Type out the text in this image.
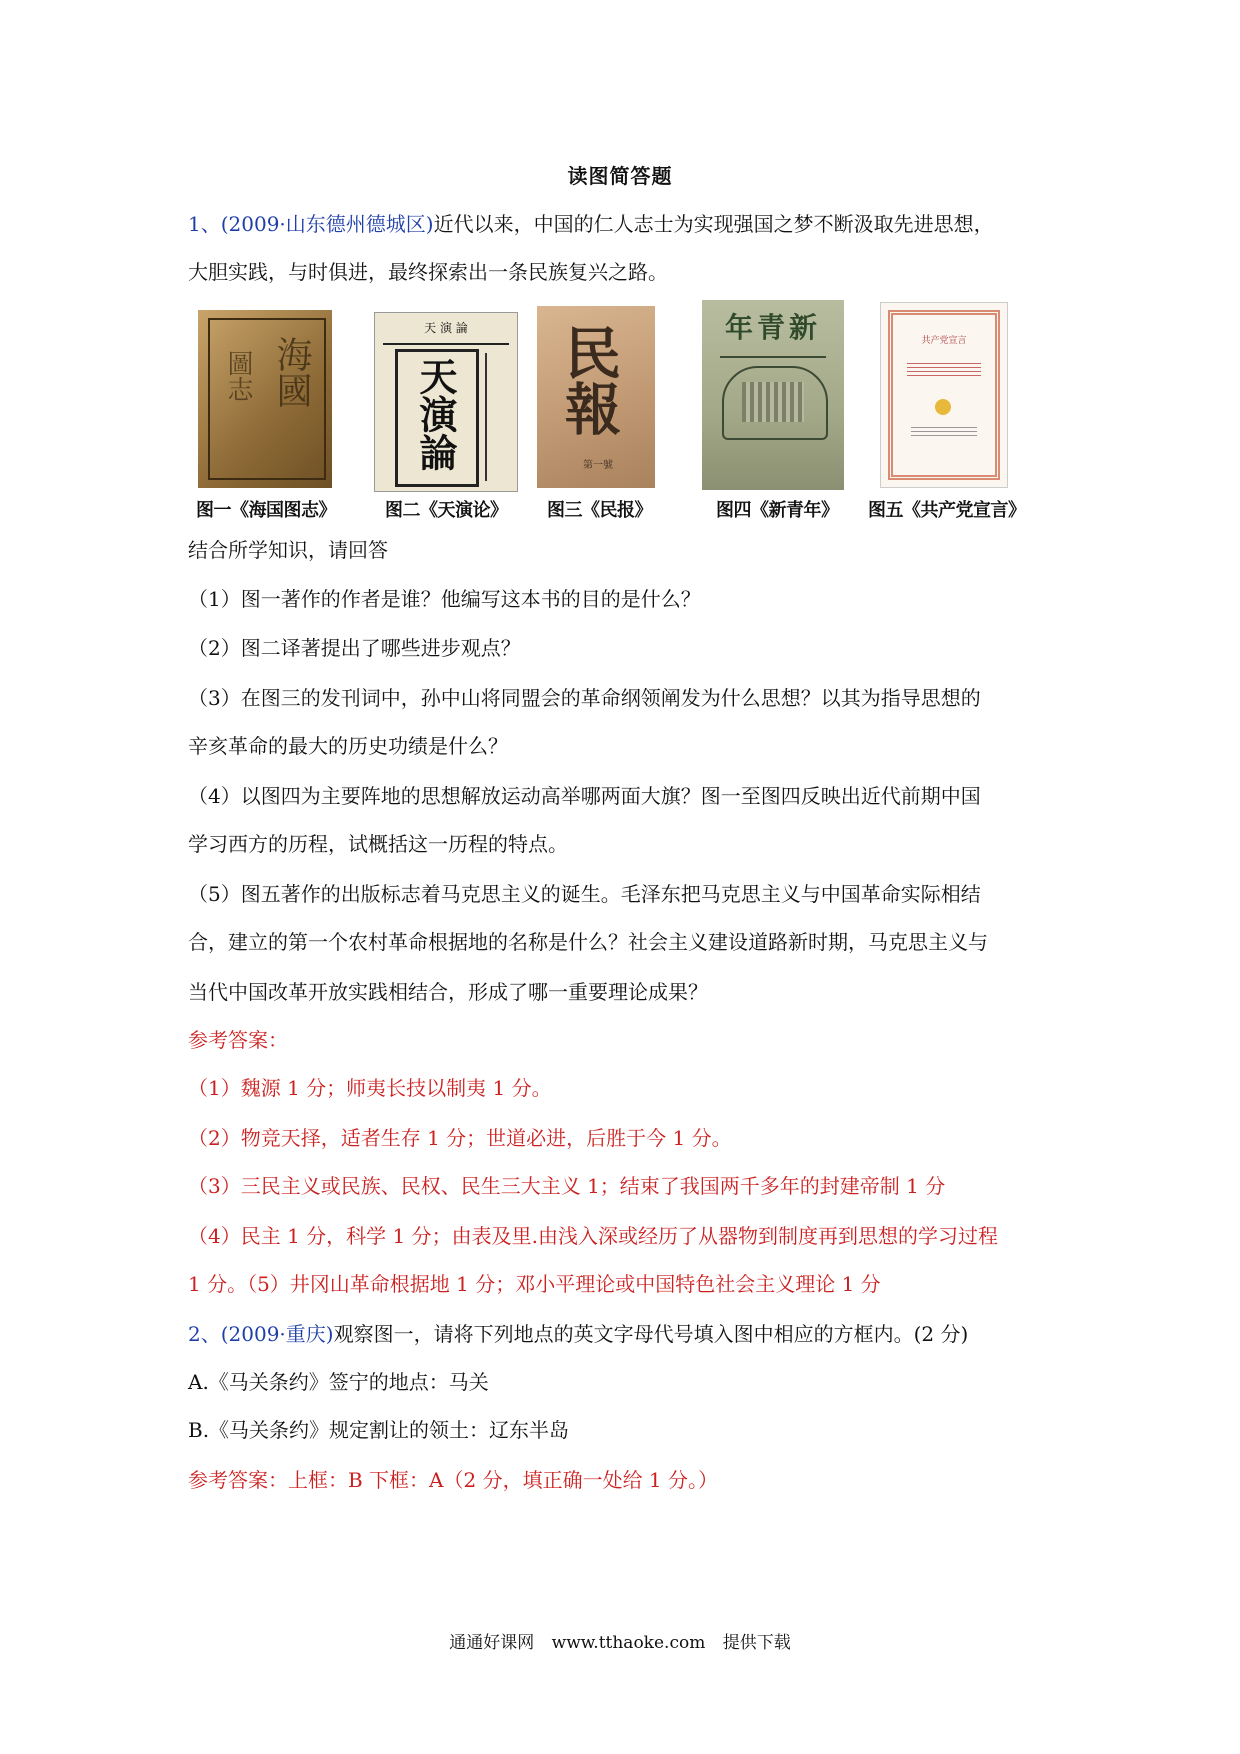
读图简答题
1、(2009·山东德州德城区)近代以来，中国的仁人志士为实现强国之梦不断汲取先进思想，
大胆实践，与时俱进，最终探索出一条民族复兴之路。
海國
圖志
图一《海国图志》
天 演 論
天演論
图二《天演论》
民報
第一號
图三《民报》
年青新
图四《新青年》
共产党宣言
图五《共产党宣言》
结合所学知识，请回答
（1）图一著作的作者是谁？他编写这本书的目的是什么？
（2）图二译著提出了哪些进步观点？
（3）在图三的发刊词中，孙中山将同盟会的革命纲领阐发为什么思想？以其为指导思想的
辛亥革命的最大的历史功绩是什么？
（4）以图四为主要阵地的思想解放运动高举哪两面大旗？图一至图四反映出近代前期中国
学习西方的历程，试概括这一历程的特点。
（5）图五著作的出版标志着马克思主义的诞生。毛泽东把马克思主义与中国革命实际相结
合，建立的第一个农村革命根据地的名称是什么？社会主义建设道路新时期，马克思主义与
当代中国改革开放实践相结合，形成了哪一重要理论成果？
参考答案：
（1）魏源 1 分；师夷长技以制夷 1 分。
（2）物竞天择，适者生存 1 分；世道必进，后胜于今 1 分。
（3）三民主义或民族、民权、民生三大主义 1；结束了我国两千多年的封建帝制 1 分
（4）民主 1 分，科学 1 分；由表及里.由浅入深或经历了从器物到制度再到思想的学习过程
1 分。（5）井冈山革命根据地 1 分；邓小平理论或中国特色社会主义理论 1 分
2、(2009·重庆)观察图一，请将下列地点的英文字母代号填入图中相应的方框内。(2 分)
A.《马关条约》签宁的地点：马关
B.《马关条约》规定割让的领土：辽东半岛
参考答案：上框：B 下框：A（2 分，填正确一处给 1 分。）
通通好课网 www.tthaoke.com 提供下载
